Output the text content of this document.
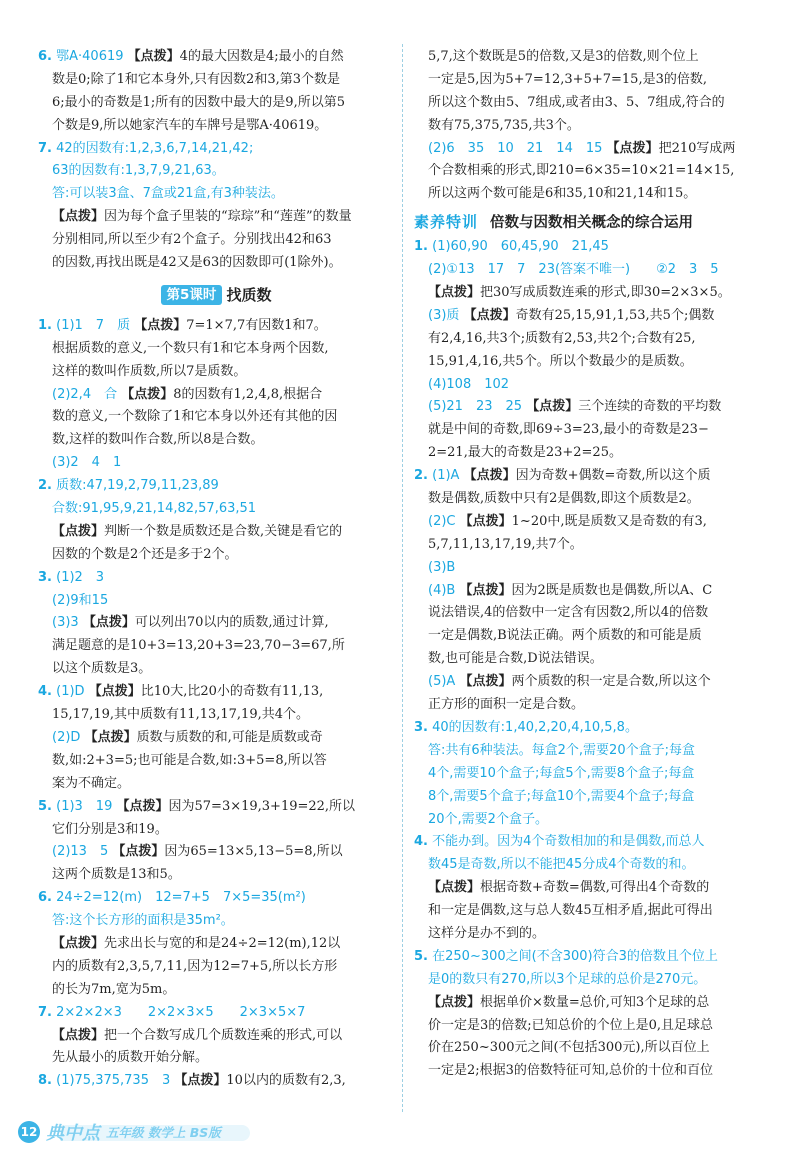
6. 鄂A·40619 【点拨】4的最大因数是4;最小的自然
数是0;除了1和它本身外,只有因数2和3,第3个数是
6;最小的奇数是1;所有的因数中最大的是9,所以第5
个数是9,所以她家汽车的车牌号是鄂A·40619。
7. 42的因数有:1,2,3,6,7,14,21,42;
63的因数有:1,3,7,9,21,63。
答:可以装3盒、7盒或21盒,有3种装法。
【点拨】因为每个盒子里装的“琮琮”和“莲莲”的数量
分别相同,所以至少有2个盒子。分别找出42和63
的因数,再找出既是42又是63的因数即可(1除外)。
第5课时 找质数
1. (1)1　7　质 【点拨】7=1×7,7有因数1和7。
根据质数的意义,一个数只有1和它本身两个因数,
这样的数叫作质数,所以7是质数。
(2)2,4　合 【点拨】8的因数有1,2,4,8,根据合
数的意义,一个数除了1和它本身以外还有其他的因
数,这样的数叫作合数,所以8是合数。
(3)2　4　1
2. 质数:47,19,2,79,11,23,89
合数:91,95,9,21,14,82,57,63,51
【点拨】判断一个数是质数还是合数,关键是看它的
因数的个数是2个还是多于2个。
3. (1)2　3
(2)9和15
(3)3 【点拨】可以列出70以内的质数,通过计算,
满足题意的是10+3=13,20+3=23,70−3=67,所
以这个质数是3。
4. (1)D 【点拨】比10大,比20小的奇数有11,13,
15,17,19,其中质数有11,13,17,19,共4个。
(2)D 【点拨】质数与质数的和,可能是质数或奇
数,如:2+3=5;也可能是合数,如:3+5=8,所以答
案为不确定。
5. (1)3　19 【点拨】因为57=3×19,3+19=22,所以
它们分别是3和19。
(2)13　5 【点拨】因为65=13×5,13−5=8,所以
这两个质数是13和5。
6. 24÷2=12(m)　12=7+5　7×5=35(m²)
答:这个长方形的面积是35m²。
【点拨】先求出长与宽的和是24÷2=12(m),12以
内的质数有2,3,5,7,11,因为12=7+5,所以长方形
的长为7m,宽为5m。
7. 2×2×2×3　　2×2×3×5　　2×3×5×7
【点拨】把一个合数写成几个质数连乘的形式,可以
先从最小的质数开始分解。
8. (1)75,375,735　3 【点拨】10以内的质数有2,3,
5,7,这个数既是5的倍数,又是3的倍数,则个位上
一定是5,因为5+7=12,3+5+7=15,是3的倍数,
所以这个数由5、7组成,或者由3、5、7组成,符合的
数有75,375,735,共3个。
(2)6　35　10　21　14　15 【点拨】把210写成两
个合数相乘的形式,即210=6×35=10×21=14×15,
所以这两个数可能是6和35,10和21,14和15。
素养特训 倍数与因数相关概念的综合运用
1. (1)60,90　60,45,90　21,45
(2)①13　17　7　23(答案不唯一)　　②2　3　5
【点拨】把30写成质数连乘的形式,即30=2×3×5。
(3)质 【点拨】奇数有25,15,91,1,53,共5个;偶数
有2,4,16,共3个;质数有2,53,共2个;合数有25,
15,91,4,16,共5个。所以个数最少的是质数。
(4)108　102
(5)21　23　25 【点拨】三个连续的奇数的平均数
就是中间的奇数,即69÷3=23,最小的奇数是23−
2=21,最大的奇数是23+2=25。
2. (1)A 【点拨】因为奇数+偶数=奇数,所以这个质
数是偶数,质数中只有2是偶数,即这个质数是2。
(2)C 【点拨】1~20中,既是质数又是奇数的有3,
5,7,11,13,17,19,共7个。
(3)B
(4)B 【点拨】因为2既是质数也是偶数,所以A、C
说法错误,4的倍数中一定含有因数2,所以4的倍数
一定是偶数,B说法正确。两个质数的和可能是质
数,也可能是合数,D说法错误。
(5)A 【点拨】两个质数的积一定是合数,所以这个
正方形的面积一定是合数。
3. 40的因数有:1,40,2,20,4,10,5,8。
答:共有6种装法。每盒2个,需要20个盒子;每盒
4个,需要10个盒子;每盒5个,需要8个盒子;每盒
8个,需要5个盒子;每盒10个,需要4个盒子;每盒
20个,需要2个盒子。
4. 不能办到。因为4个奇数相加的和是偶数,而总人
数45是奇数,所以不能把45分成4个奇数的和。
【点拨】根据奇数+奇数=偶数,可得出4个奇数的
和一定是偶数,这与总人数45互相矛盾,据此可得出
这样分是办不到的。
5. 在250~300之间(不含300)符合3的倍数且个位上
是0的数只有270,所以3个足球的总价是270元。
【点拨】根据单价×数量=总价,可知3个足球的总
价一定是3的倍数;已知总价的个位上是0,且足球总
价在250~300元之间(不包括300元),所以百位上
一定是2;根据3的倍数特征可知,总价的十位和百位
12 典中点 五年级 数学上 BS版
